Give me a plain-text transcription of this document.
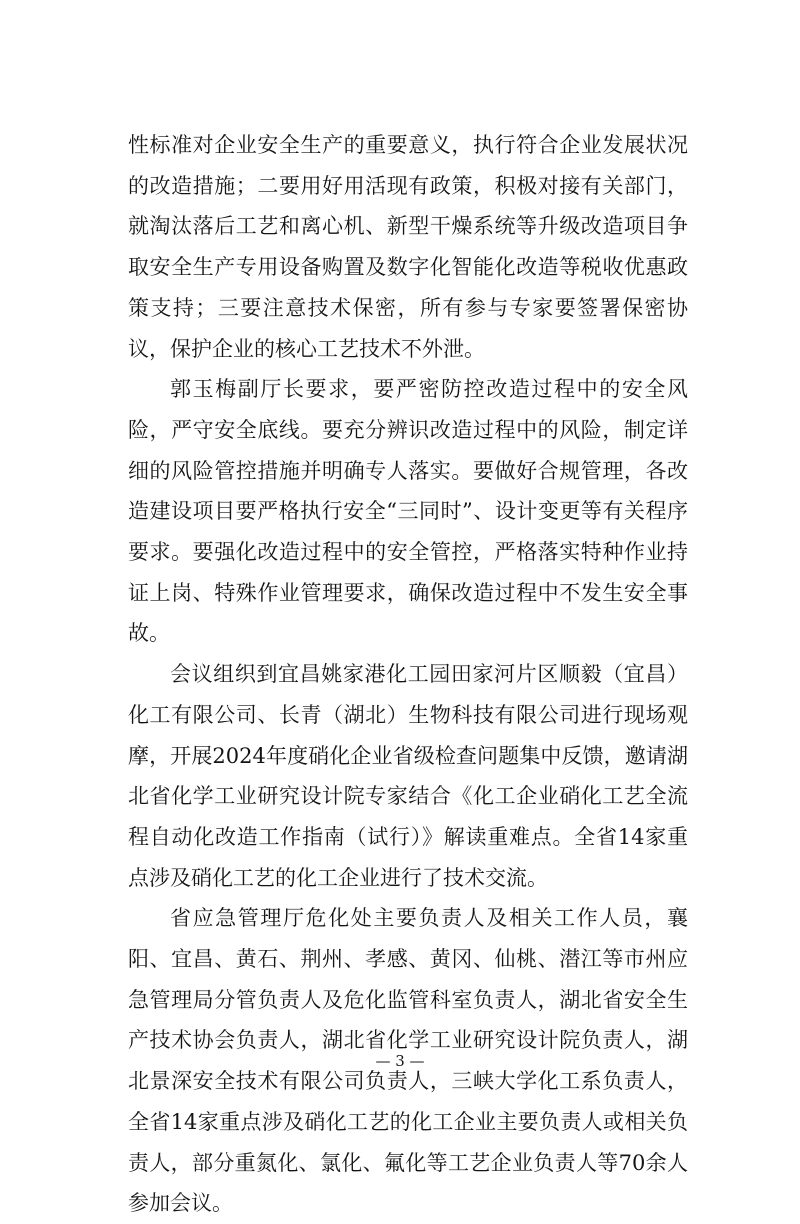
性标准对企业安全生产的重要意义，执行符合企业发展状况的改造措施；二要用好用活现有政策，积极对接有关部门，就淘汰落后工艺和离心机、新型干燥系统等升级改造项目争取安全生产专用设备购置及数字化智能化改造等税收优惠政策支持；三要注意技术保密，所有参与专家要签署保密协议，保护企业的核心工艺技术不外泄。

郭玉梅副厅长要求，要严密防控改造过程中的安全风险，严守安全底线。要充分辨识改造过程中的风险，制定详细的风险管控措施并明确专人落实。要做好合规管理，各改造建设项目要严格执行安全“三同时”、设计变更等有关程序要求。要强化改造过程中的安全管控，严格落实特种作业持证上岗、特殊作业管理要求，确保改造过程中不发生安全事故。

会议组织到宜昌姚家港化工园田家河片区顺毅（宜昌）化工有限公司、长青（湖北）生物科技有限公司进行现场观摩，开展2024年度硝化企业省级检查问题集中反馈，邀请湖北省化学工业研究设计院专家结合《化工企业硝化工艺全流程自动化改造工作指南（试行）》解读重难点。全省14家重点涉及硝化工艺的化工企业进行了技术交流。

省应急管理厅危化处主要负责人及相关工作人员，襄阳、宜昌、黄石、荆州、孝感、黄冈、仙桃、潜江等市州应急管理局分管负责人及危化监管科室负责人，湖北省安全生产技术协会负责人，湖北省化学工业研究设计院负责人，湖北景深安全技术有限公司负责人，三峡大学化工系负责人，全省14家重点涉及硝化工艺的化工企业主要负责人或相关负责人，部分重氮化、氯化、氟化等工艺企业负责人等70余人参加会议。

— 3 —
